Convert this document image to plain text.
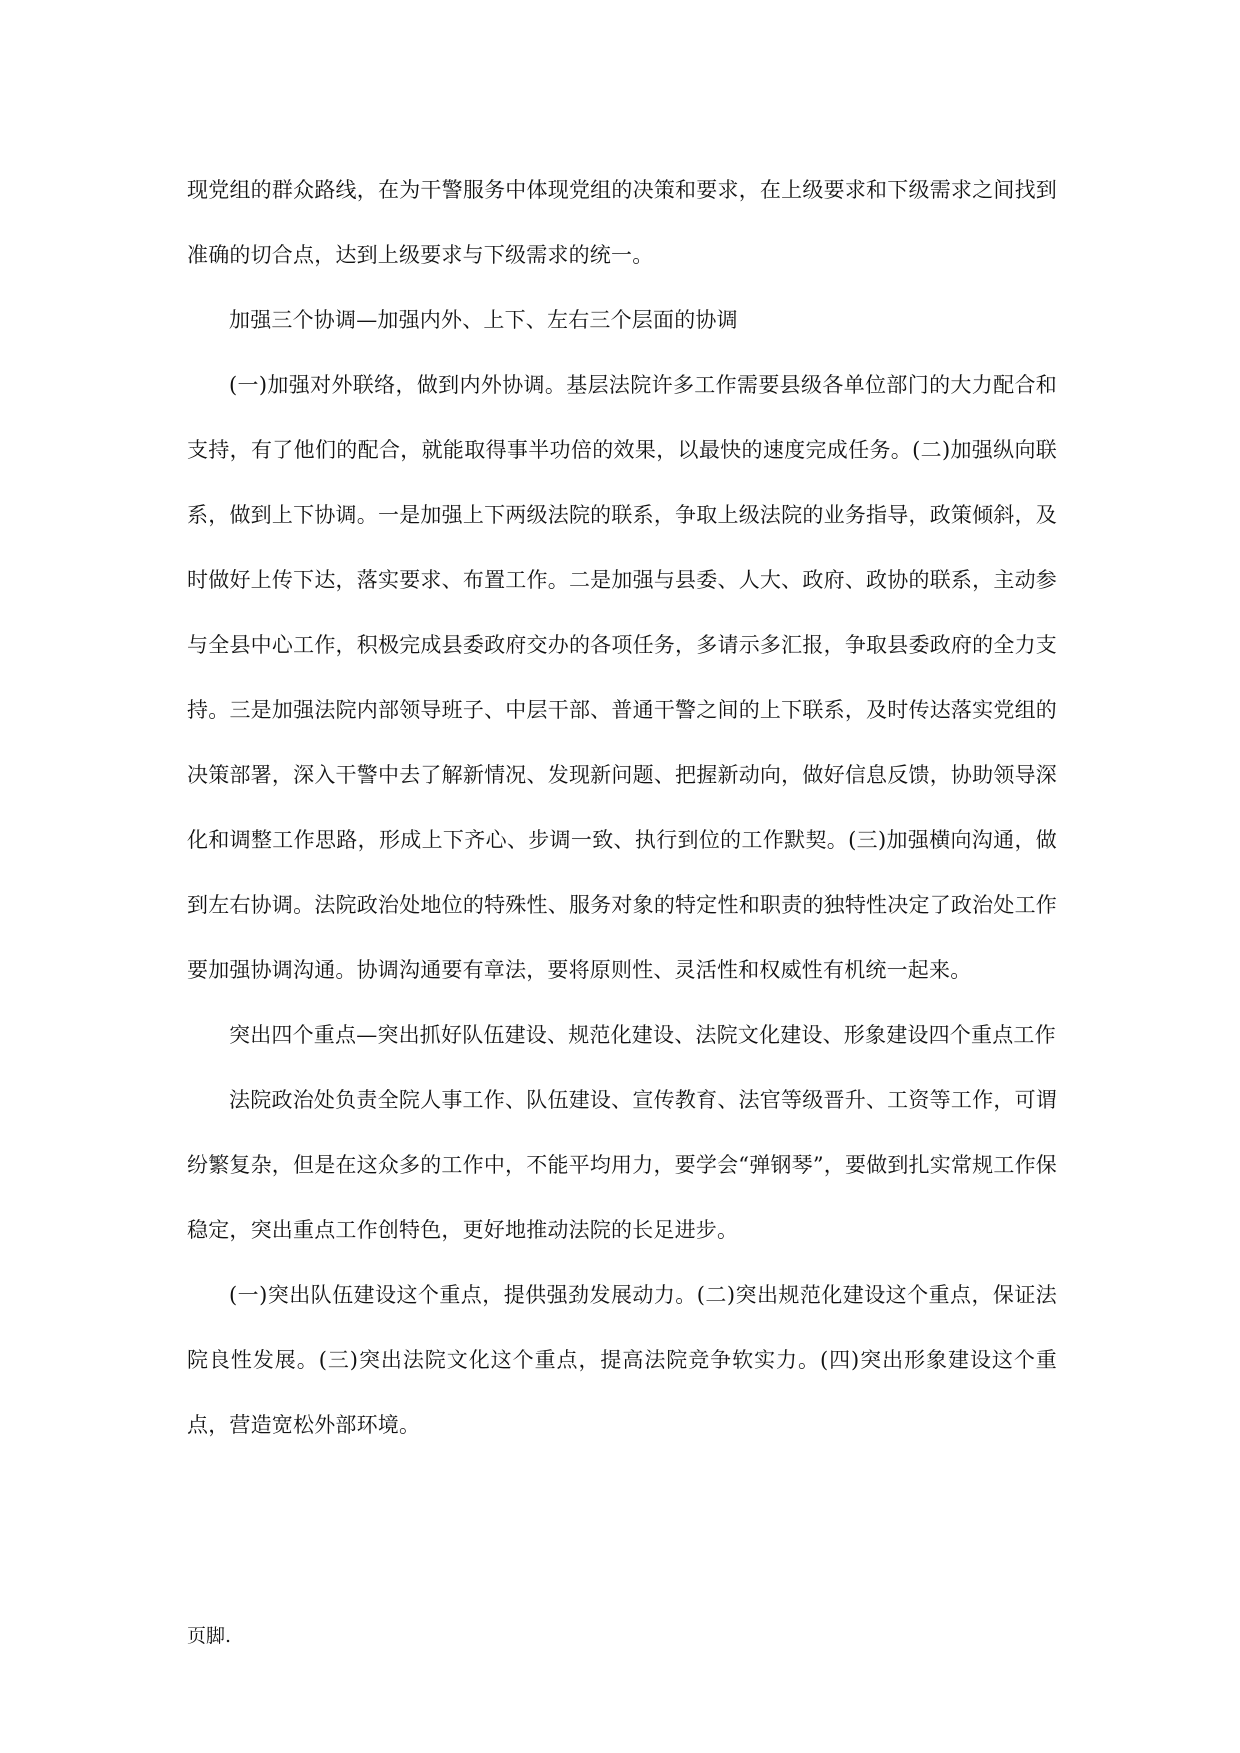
现党组的群众路线，在为干警服务中体现党组的决策和要求，在上级要求和下级需求之间找到准确的切合点，达到上级要求与下级需求的统一。

加强三个协调—加强内外、上下、左右三个层面的协调

(一)加强对外联络，做到内外协调。基层法院许多工作需要县级各单位部门的大力配合和支持，有了他们的配合，就能取得事半功倍的效果，以最快的速度完成任务。(二)加强纵向联系，做到上下协调。一是加强上下两级法院的联系，争取上级法院的业务指导，政策倾斜，及时做好上传下达，落实要求、布置工作。二是加强与县委、人大、政府、政协的联系，主动参与全县中心工作，积极完成县委政府交办的各项任务，多请示多汇报，争取县委政府的全力支持。三是加强法院内部领导班子、中层干部、普通干警之间的上下联系，及时传达落实党组的决策部署，深入干警中去了解新情况、发现新问题、把握新动向，做好信息反馈，协助领导深化和调整工作思路，形成上下齐心、步调一致、执行到位的工作默契。(三)加强横向沟通，做到左右协调。法院政治处地位的特殊性、服务对象的特定性和职责的独特性决定了政治处工作要加强协调沟通。协调沟通要有章法，要将原则性、灵活性和权威性有机统一起来。

突出四个重点—突出抓好队伍建设、规范化建设、法院文化建设、形象建设四个重点工作

法院政治处负责全院人事工作、队伍建设、宣传教育、法官等级晋升、工资等工作，可谓纷繁复杂，但是在这众多的工作中，不能平均用力，要学会“弹钢琴”，要做到扎实常规工作保稳定，突出重点工作创特色，更好地推动法院的长足进步。

(一)突出队伍建设这个重点，提供强劲发展动力。(二)突出规范化建设这个重点，保证法院良性发展。(三)突出法院文化这个重点，提高法院竞争软实力。(四)突出形象建设这个重点，营造宽松外部环境。

页脚.
